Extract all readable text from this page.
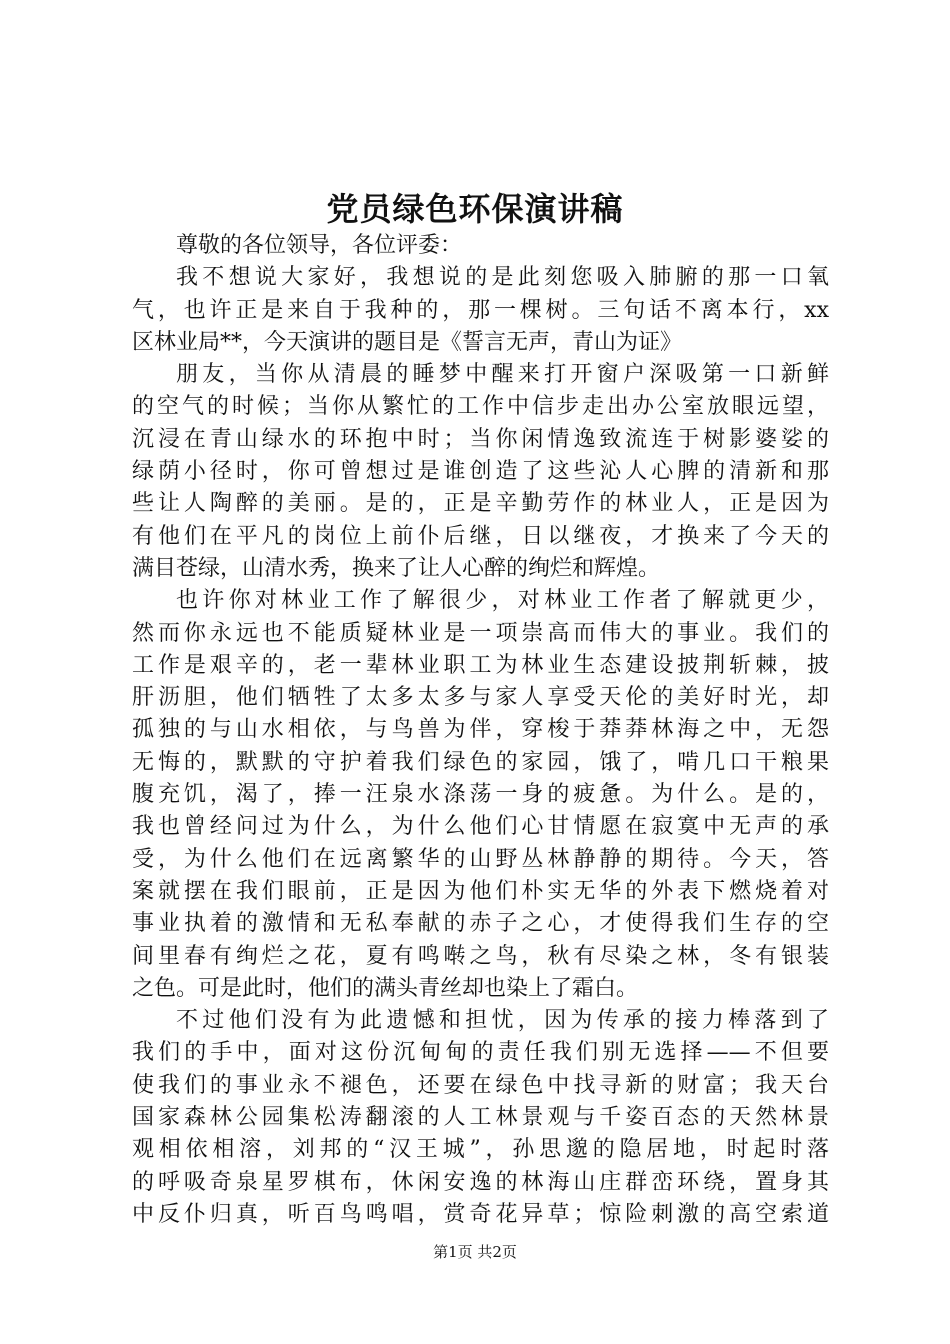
党员绿色环保演讲稿
尊敬的各位领导，各位评委：
我不想说大家好，我想说的是此刻您吸入肺腑的那一口氧
气，也许正是来自于我种的，那一棵树。三句话不离本行，xx
区林业局**，今天演讲的题目是《誓言无声，青山为证》
朋友，当你从清晨的睡梦中醒来打开窗户深吸第一口新鲜
的空气的时候；当你从繁忙的工作中信步走出办公室放眼远望，
沉浸在青山绿水的环抱中时；当你闲情逸致流连于树影婆娑的
绿荫小径时，你可曾想过是谁创造了这些沁人心脾的清新和那
些让人陶醉的美丽。是的，正是辛勤劳作的林业人，正是因为
有他们在平凡的岗位上前仆后继，日以继夜，才换来了今天的
满目苍绿，山清水秀，换来了让人心醉的绚烂和辉煌。
也许你对林业工作了解很少，对林业工作者了解就更少，
然而你永远也不能质疑林业是一项崇高而伟大的事业。我们的
工作是艰辛的，老一辈林业职工为林业生态建设披荆斩棘，披
肝沥胆，他们牺牲了太多太多与家人享受天伦的美好时光，却
孤独的与山水相依，与鸟兽为伴，穿梭于莽莽林海之中，无怨
无悔的，默默的守护着我们绿色的家园，饿了，啃几口干粮果
腹充饥，渴了，捧一汪泉水涤荡一身的疲惫。为什么。是的，
我也曾经问过为什么，为什么他们心甘情愿在寂寞中无声的承
受，为什么他们在远离繁华的山野丛林静静的期待。今天，答
案就摆在我们眼前，正是因为他们朴实无华的外表下燃烧着对
事业执着的激情和无私奉献的赤子之心，才使得我们生存的空
间里春有绚烂之花，夏有鸣啭之鸟，秋有尽染之林，冬有银装
之色。可是此时，他们的满头青丝却也染上了霜白。
不过他们没有为此遗憾和担忧，因为传承的接力棒落到了
我们的手中，面对这份沉甸甸的责任我们别无选择——不但要
使我们的事业永不褪色，还要在绿色中找寻新的财富；我天台
国家森林公园集松涛翻滚的人工林景观与千姿百态的天然林景
观相依相溶，刘邦的“汉王城”，孙思邈的隐居地，时起时落
的呼吸奇泉星罗棋布，休闲安逸的林海山庄群峦环绕，置身其
中反仆归真，听百鸟鸣唱，赏奇花异草；惊险刺激的高空索道
第1页 共2页
